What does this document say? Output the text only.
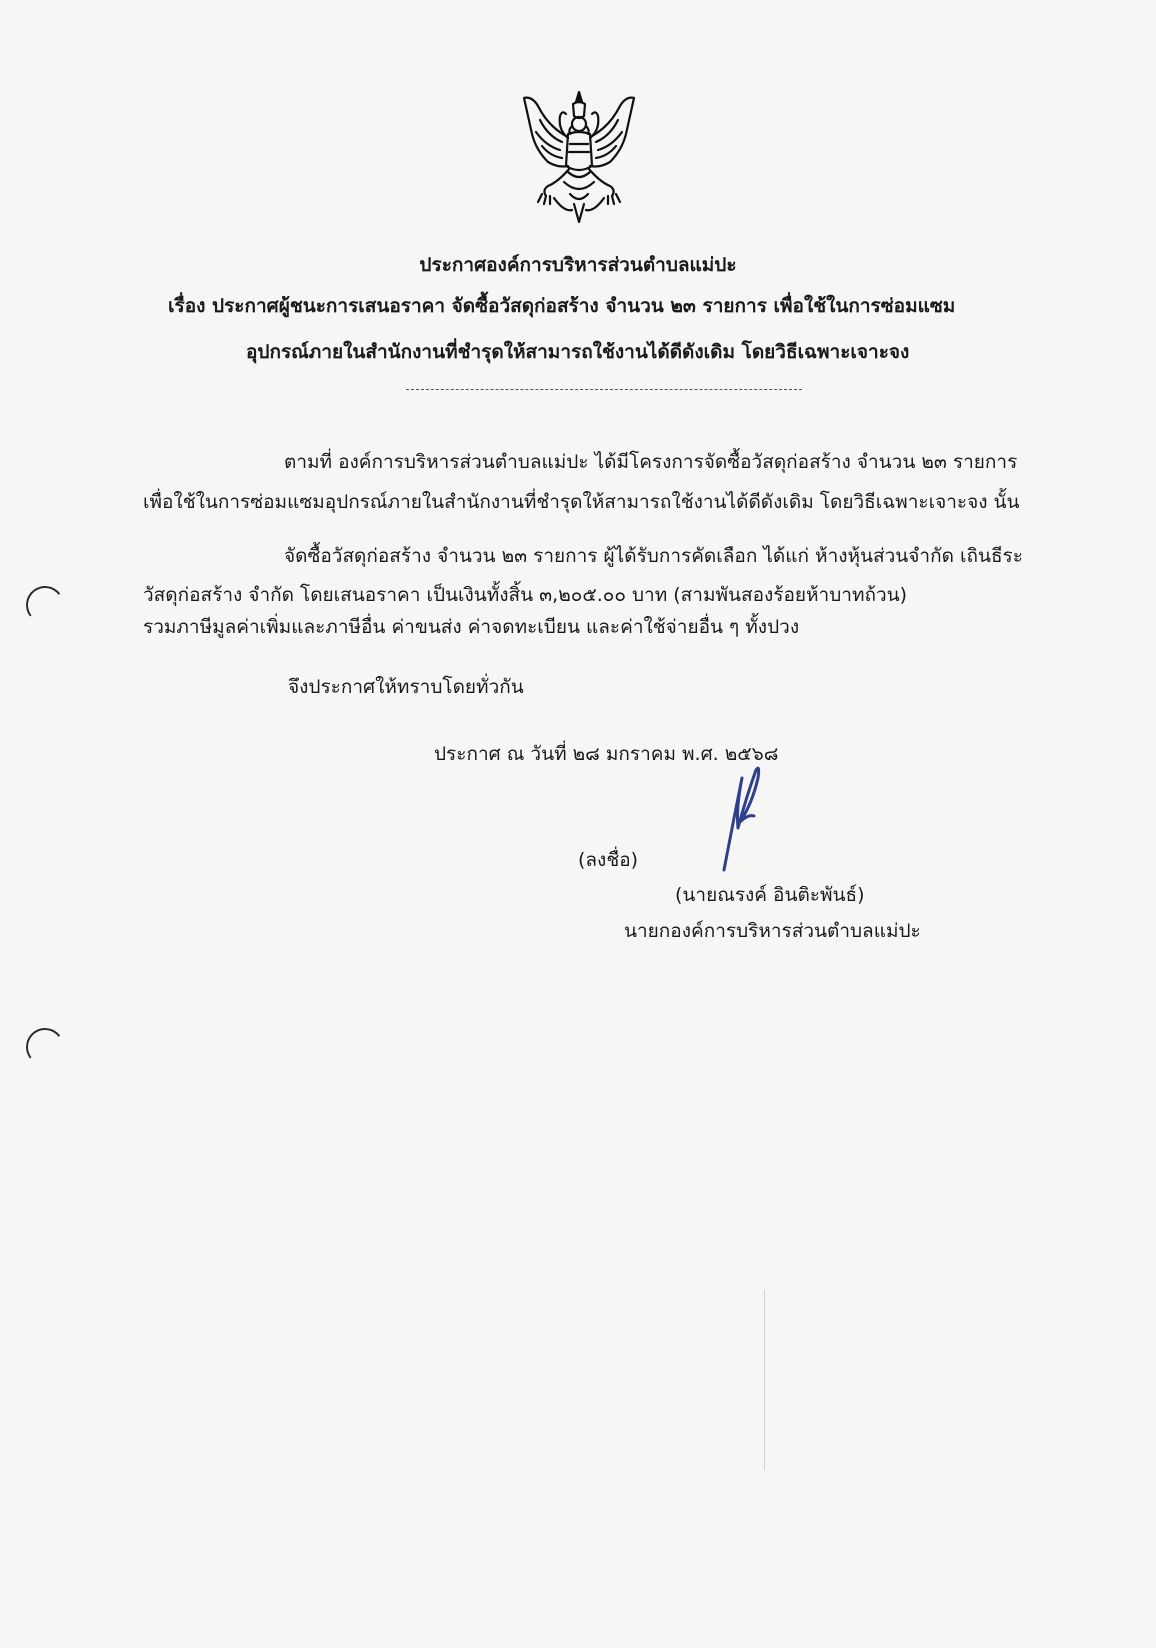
ประกาศองค์การบริหารส่วนตำบลแม่ปะ
เรื่อง ประกาศผู้ชนะการเสนอราคา จัดซื้อวัสดุก่อสร้าง จำนวน ๒๓ รายการ เพื่อใช้ในการซ่อมแซม
อุปกรณ์ภายในสำนักงานที่ชำรุดให้สามารถใช้งานได้ดีดังเดิม โดยวิธีเฉพาะเจาะจง
ตามที่ องค์การบริหารส่วนตำบลแม่ปะ ได้มีโครงการจัดซื้อวัสดุก่อสร้าง จำนวน ๒๓ รายการ
เพื่อใช้ในการซ่อมแซมอุปกรณ์ภายในสำนักงานที่ชำรุดให้สามารถใช้งานได้ดีดังเดิม โดยวิธีเฉพาะเจาะจง นั้น
จัดซื้อวัสดุก่อสร้าง จำนวน ๒๓ รายการ ผู้ได้รับการคัดเลือก ได้แก่ ห้างหุ้นส่วนจำกัด เถินธีระ
วัสดุก่อสร้าง จำกัด โดยเสนอราคา เป็นเงินทั้งสิ้น ๓,๒๐๕.๐๐ บาท (สามพันสองร้อยห้าบาทถ้วน)
รวมภาษีมูลค่าเพิ่มและภาษีอื่น ค่าขนส่ง ค่าจดทะเบียน และค่าใช้จ่ายอื่น ๆ ทั้งปวง
จึงประกาศให้ทราบโดยทั่วกัน
ประกาศ ณ วันที่ ๒๘ มกราคม พ.ศ. ๒๕๖๘
(ลงชื่อ)
(นายณรงค์ อินติะพันธ์)
นายกองค์การบริหารส่วนตำบลแม่ปะ
